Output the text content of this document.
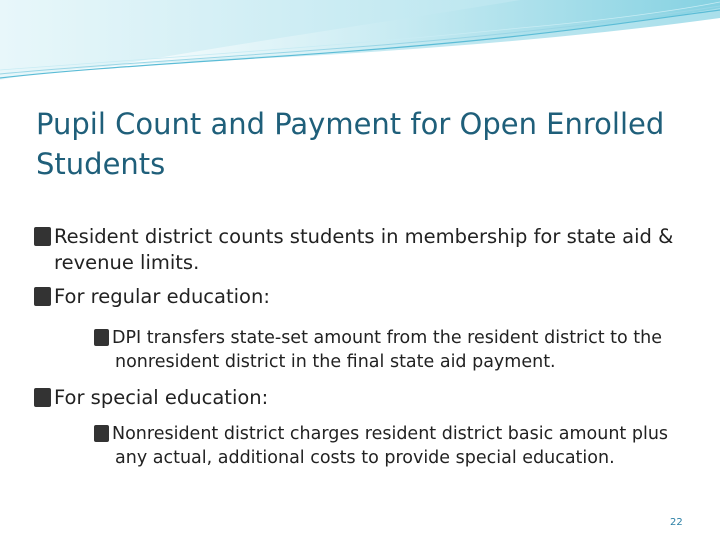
Pupil Count and Payment for Open Enrolled Students
?Resident district counts students in membership for state aid & revenue limits.
?For regular education:
?DPI transfers state-set amount from the resident district to the nonresident district in the final state aid payment.
?For special education:
?Nonresident district charges resident district basic amount plus any actual, additional costs to provide special education.
22
